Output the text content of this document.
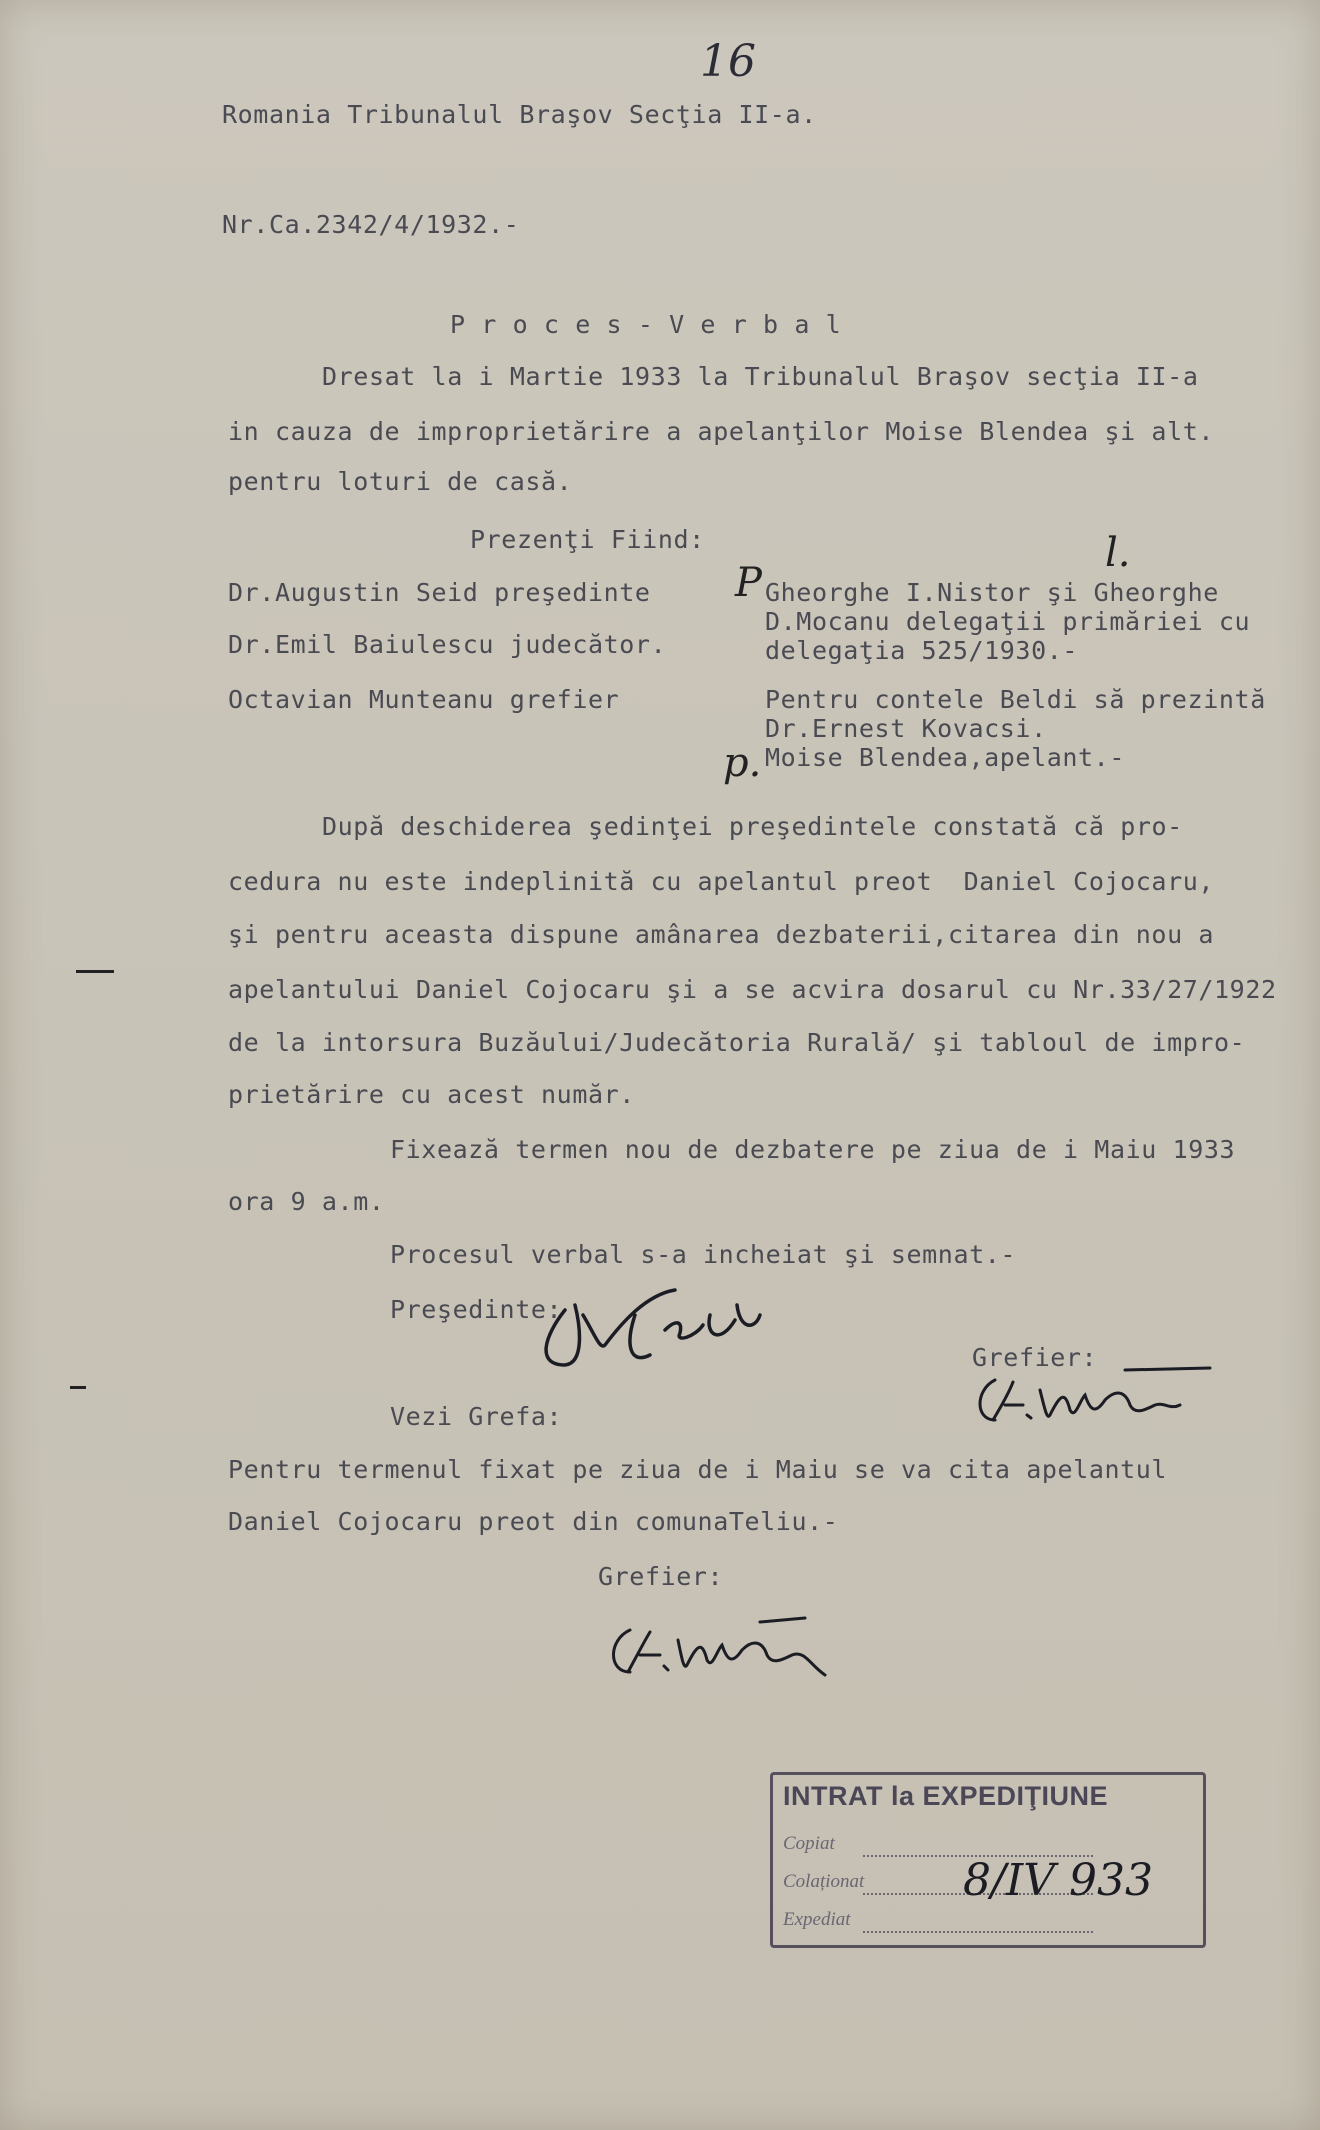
16
Romania Tribunalul Braşov Secţia II-a.
Nr.Ca.2342/4/1932.-
P r o c e s - V e r b a l
Dresat la i Martie 1933 la Tribunalul Braşov secţia II-a
in cauza de improprietărire a apelanţilor Moise Blendea şi alt.
pentru loturi de casă.
Prezenţi Fiind:
Dr.Augustin Seid preşedinte
Dr.Emil Baiulescu judecător.
Octavian Munteanu grefier
Gheorghe I.Nistor şi Gheorghe
D.Mocanu delegaţii primăriei cu
delegaţia 525/1930.-
Pentru contele Beldi să prezintă
Dr.Ernest Kovacsi.
Moise Blendea,apelant.-
P
l.
p.
După deschiderea şedinţei preşedintele constată că pro-
cedura nu este indeplinită cu apelantul preot  Daniel Cojocaru,
şi pentru aceasta dispune amânarea dezbaterii,citarea din nou a
apelantului Daniel Cojocaru şi a se acvira dosarul cu Nr.33/27/1922
de la intorsura Buzăului/Judecătoria Rurală/ şi tabloul de impro-
prietărire cu acest număr.
Fixează termen nou de dezbatere pe ziua de i Maiu 1933
ora 9 a.m.
Procesul verbal s-a incheiat şi semnat.-
Preşedinte:
Grefier:
Vezi Grefa:
Pentru termenul fixat pe ziua de i Maiu se va cita apelantul
Daniel Cojocaru preot din comunaTeliu.-
Grefier:
INTRAT la EXPEDIŢIUNE
Copiat
Colaționat
Expediat
8/IV 933
